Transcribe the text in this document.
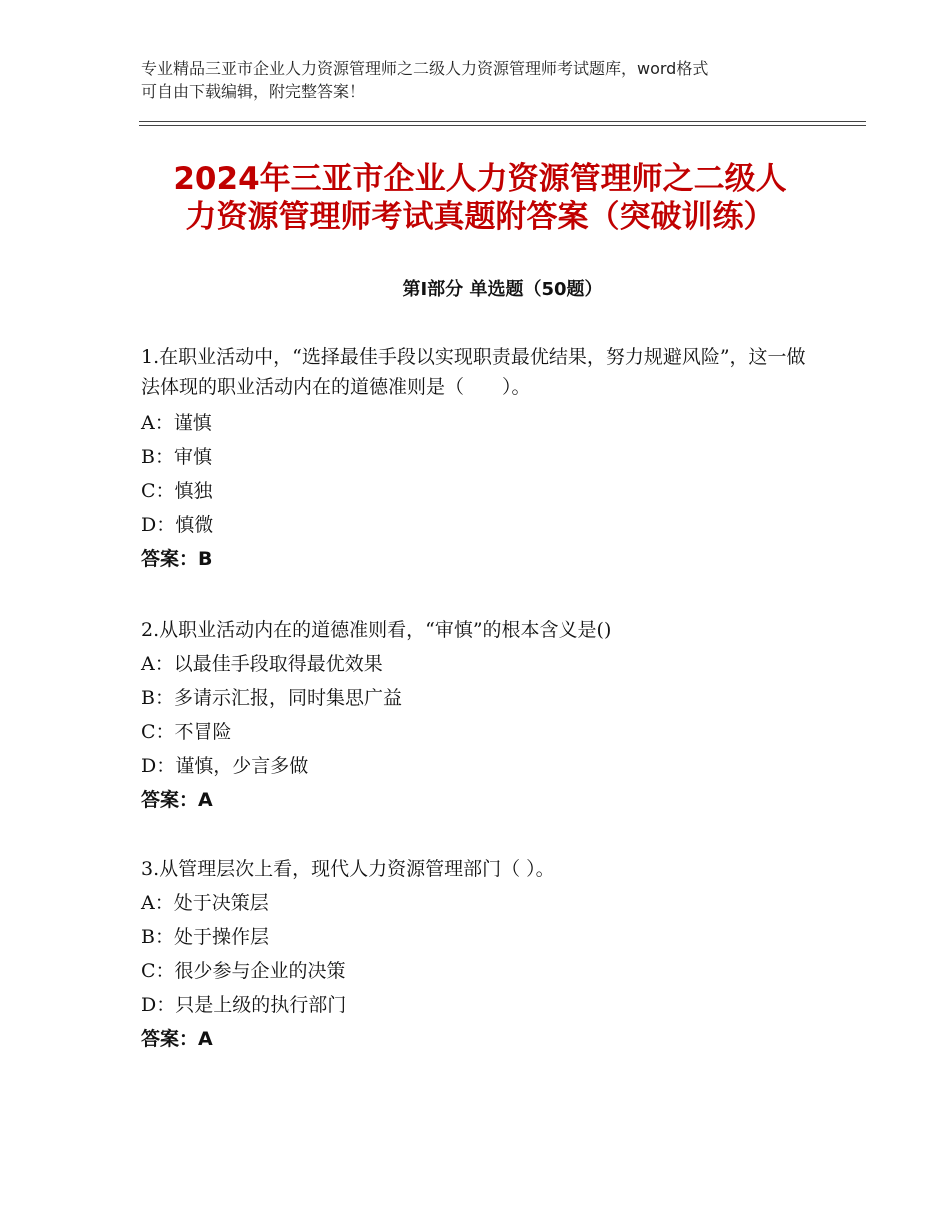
专业精品三亚市企业人力资源管理师之二级人力资源管理师考试题库，word格式
可自由下载编辑，附完整答案！
2024年三亚市企业人力资源管理师之二级人
力资源管理师考试真题附答案（突破训练）
第Ⅰ部分 单选题（50题）
1.在职业活动中，“选择最佳手段以实现职责最优结果，努力规避风险”，这一做法体现的职业活动内在的道德准则是（　　）。
A：谨慎
B：审慎
C：慎独
D：慎微
答案：B
2.从职业活动内在的道德准则看，“审慎”的根本含义是()
A：以最佳手段取得最优效果
B：多请示汇报，同时集思广益
C：不冒险
D：谨慎，少言多做
答案：A
3.从管理层次上看，现代人力资源管理部门（ ）。
A：处于决策层
B：处于操作层
C：很少参与企业的决策
D：只是上级的执行部门
答案：A
